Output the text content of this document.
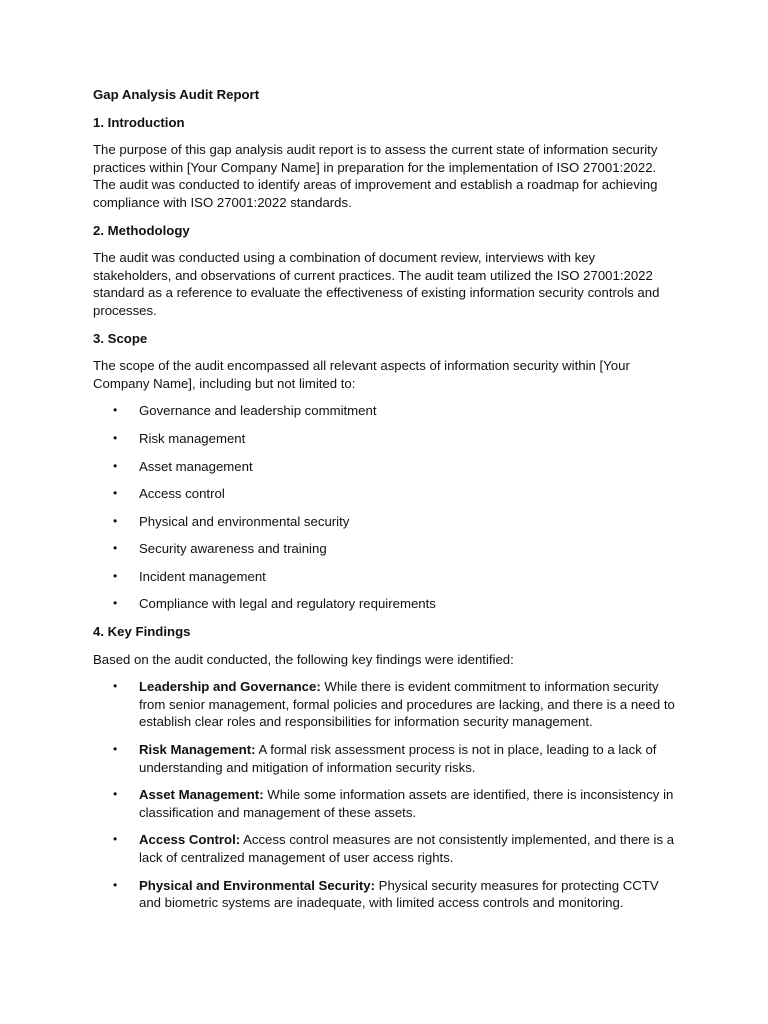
Gap Analysis Audit Report
1. Introduction
The purpose of this gap analysis audit report is to assess the current state of information security practices within [Your Company Name] in preparation for the implementation of ISO 27001:2022. The audit was conducted to identify areas of improvement and establish a roadmap for achieving compliance with ISO 27001:2022 standards.
2. Methodology
The audit was conducted using a combination of document review, interviews with key stakeholders, and observations of current practices. The audit team utilized the ISO 27001:2022 standard as a reference to evaluate the effectiveness of existing information security controls and processes.
3. Scope
The scope of the audit encompassed all relevant aspects of information security within [Your Company Name], including but not limited to:
• Governance and leadership commitment
• Risk management
• Asset management
• Access control
• Physical and environmental security
• Security awareness and training
• Incident management
• Compliance with legal and regulatory requirements
4. Key Findings
Based on the audit conducted, the following key findings were identified:
• Leadership and Governance: While there is evident commitment to information security from senior management, formal policies and procedures are lacking, and there is a need to establish clear roles and responsibilities for information security management.
• Risk Management: A formal risk assessment process is not in place, leading to a lack of understanding and mitigation of information security risks.
• Asset Management: While some information assets are identified, there is inconsistency in classification and management of these assets.
• Access Control: Access control measures are not consistently implemented, and there is a lack of centralized management of user access rights.
• Physical and Environmental Security: Physical security measures for protecting CCTV and biometric systems are inadequate, with limited access controls and monitoring.
